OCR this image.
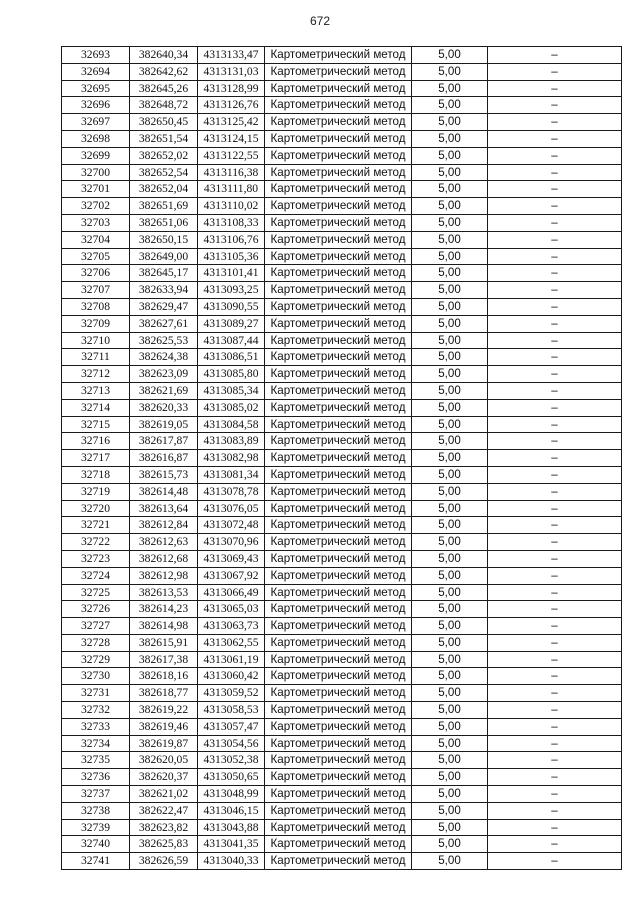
672
32693	382640,34	4313133,47	Картометрический метод	5,00	–
32694	382642,62	4313131,03	Картометрический метод	5,00	–
32695	382645,26	4313128,99	Картометрический метод	5,00	–
32696	382648,72	4313126,76	Картометрический метод	5,00	–
32697	382650,45	4313125,42	Картометрический метод	5,00	–
32698	382651,54	4313124,15	Картометрический метод	5,00	–
32699	382652,02	4313122,55	Картометрический метод	5,00	–
32700	382652,54	4313116,38	Картометрический метод	5,00	–
32701	382652,04	4313111,80	Картометрический метод	5,00	–
32702	382651,69	4313110,02	Картометрический метод	5,00	–
32703	382651,06	4313108,33	Картометрический метод	5,00	–
32704	382650,15	4313106,76	Картометрический метод	5,00	–
32705	382649,00	4313105,36	Картометрический метод	5,00	–
32706	382645,17	4313101,41	Картометрический метод	5,00	–
32707	382633,94	4313093,25	Картометрический метод	5,00	–
32708	382629,47	4313090,55	Картометрический метод	5,00	–
32709	382627,61	4313089,27	Картометрический метод	5,00	–
32710	382625,53	4313087,44	Картометрический метод	5,00	–
32711	382624,38	4313086,51	Картометрический метод	5,00	–
32712	382623,09	4313085,80	Картометрический метод	5,00	–
32713	382621,69	4313085,34	Картометрический метод	5,00	–
32714	382620,33	4313085,02	Картометрический метод	5,00	–
32715	382619,05	4313084,58	Картометрический метод	5,00	–
32716	382617,87	4313083,89	Картометрический метод	5,00	–
32717	382616,87	4313082,98	Картометрический метод	5,00	–
32718	382615,73	4313081,34	Картометрический метод	5,00	–
32719	382614,48	4313078,78	Картометрический метод	5,00	–
32720	382613,64	4313076,05	Картометрический метод	5,00	–
32721	382612,84	4313072,48	Картометрический метод	5,00	–
32722	382612,63	4313070,96	Картометрический метод	5,00	–
32723	382612,68	4313069,43	Картометрический метод	5,00	–
32724	382612,98	4313067,92	Картометрический метод	5,00	–
32725	382613,53	4313066,49	Картометрический метод	5,00	–
32726	382614,23	4313065,03	Картометрический метод	5,00	–
32727	382614,98	4313063,73	Картометрический метод	5,00	–
32728	382615,91	4313062,55	Картометрический метод	5,00	–
32729	382617,38	4313061,19	Картометрический метод	5,00	–
32730	382618,16	4313060,42	Картометрический метод	5,00	–
32731	382618,77	4313059,52	Картометрический метод	5,00	–
32732	382619,22	4313058,53	Картометрический метод	5,00	–
32733	382619,46	4313057,47	Картометрический метод	5,00	–
32734	382619,87	4313054,56	Картометрический метод	5,00	–
32735	382620,05	4313052,38	Картометрический метод	5,00	–
32736	382620,37	4313050,65	Картометрический метод	5,00	–
32737	382621,02	4313048,99	Картометрический метод	5,00	–
32738	382622,47	4313046,15	Картометрический метод	5,00	–
32739	382623,82	4313043,88	Картометрический метод	5,00	–
32740	382625,83	4313041,35	Картометрический метод	5,00	–
32741	382626,59	4313040,33	Картометрический метод	5,00	–
